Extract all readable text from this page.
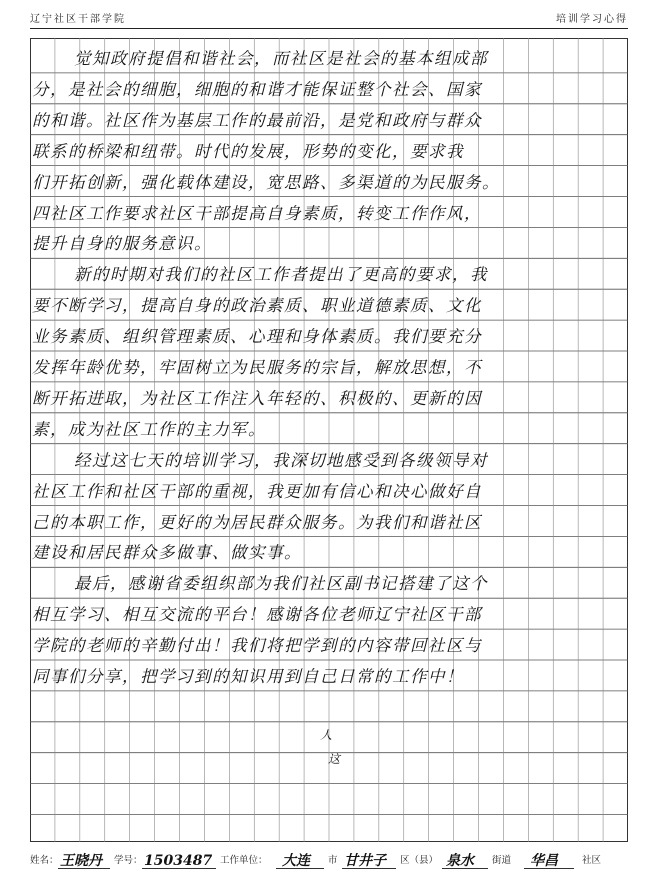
辽宁社区干部学院	培训学习心得
觉知政府提倡和谐社会，而社区是社会的基本组成部
分，是社会的细胞，细胞的和谐才能保证整个社会、国家
的和谐。社区作为基层工作的最前沿，是党和政府与群众
联系的桥梁和纽带。时代的发展，形势的变化，要求我
们开拓创新，强化载体建设，宽思路、多渠道的为民服务。
四社区工作要求社区干部提高自身素质，转变工作作风，
提升自身的服务意识。
新的时期对我们的社区工作者提出了更高的要求，我
要不断学习，提高自身的政治素质、职业道德素质、文化
业务素质、组织管理素质、心理和身体素质。我们要充分
发挥年龄优势，牢固树立为民服务的宗旨，解放思想，不
断开拓进取，为社区工作注入年轻的、积极的、更新的因
素，成为社区工作的主力军。
经过这七天的培训学习，我深切地感受到各级领导对
社区工作和社区干部的重视，我更加有信心和决心做好自
己的本职工作，更好的为居民群众服务。为我们和谐社区
建设和居民群众多做事、做实事。
最后，感谢省委组织部为我们社区副书记搭建了这个
相互学习、相互交流的平台！感谢各位老师辽宁社区干部
学院的老师的辛勤付出！我们将把学到的内容带回社区与
同事们分享，把学习到的知识用到自己日常的工作中！
人
这
姓名： 王晓丹 学号： 1503487 工作单位： 大连 市 甘井子 区（县） 泉水 街道 华昌	社区
